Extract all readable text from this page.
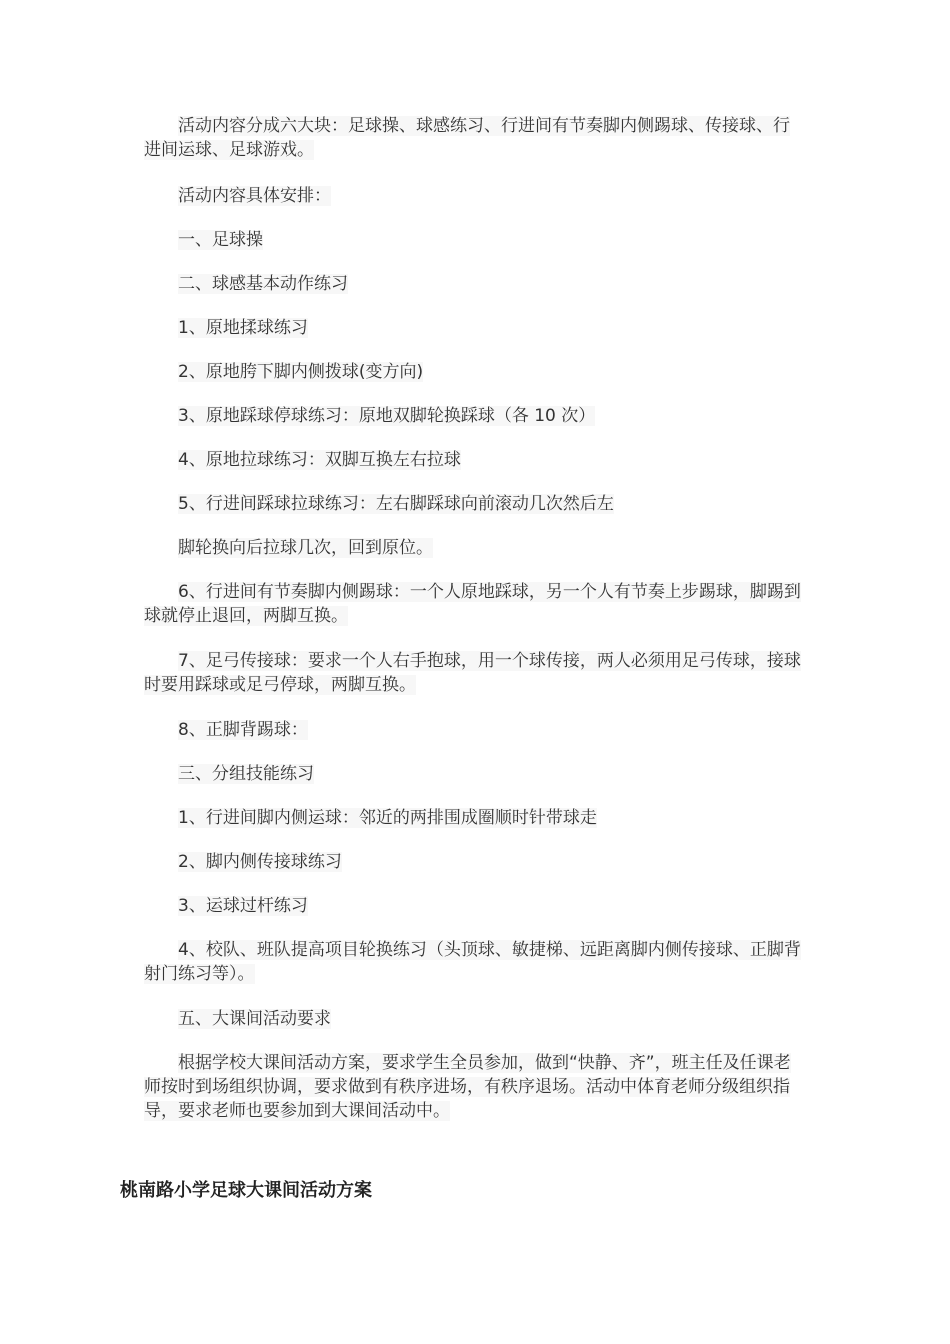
活动内容分成六大块：足球操、球感练习、行进间有节奏脚内侧踢球、传接球、行进间运球、足球游戏。

活动内容具体安排：

一、足球操

二、球感基本动作练习

1、原地揉球练习

2、原地胯下脚内侧拨球(变方向)

3、原地踩球停球练习：原地双脚轮换踩球（各 10 次）

4、原地拉球练习：双脚互换左右拉球

5、行进间踩球拉球练习：左右脚踩球向前滚动几次然后左

脚轮换向后拉球几次，回到原位。

6、行进间有节奏脚内侧踢球：一个人原地踩球，另一个人有节奏上步踢球，脚踢到球就停止退回，两脚互换。

7、足弓传接球：要求一个人右手抱球，用一个球传接，两人必须用足弓传球，接球时要用踩球或足弓停球，两脚互换。

8、正脚背踢球：

三、分组技能练习

1、行进间脚内侧运球：邻近的两排围成圈顺时针带球走

2、脚内侧传接球练习

3、运球过杆练习

4、校队、班队提高项目轮换练习（头顶球、敏捷梯、远距离脚内侧传接球、正脚背射门练习等）。

五、大课间活动要求

根据学校大课间活动方案，要求学生全员参加，做到“快静、齐”，班主任及任课老师按时到场组织协调，要求做到有秩序进场，有秩序退场。活动中体育老师分级组织指导，要求老师也要参加到大课间活动中。

桃南路小学足球大课间活动方案
